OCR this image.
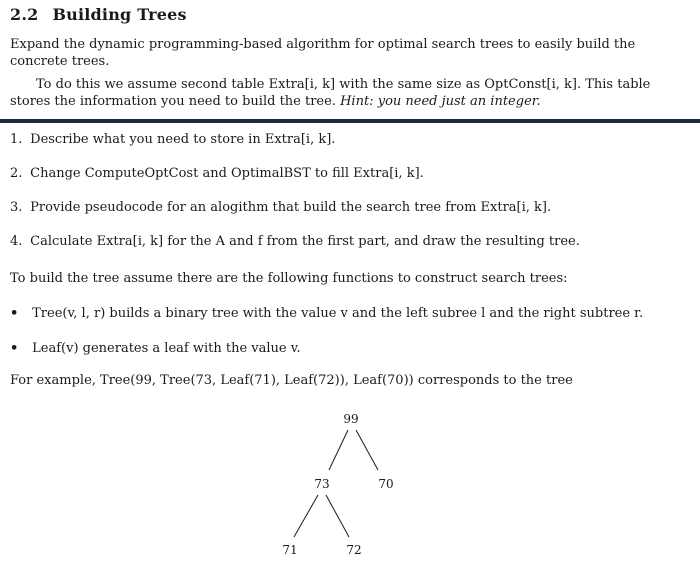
2.2 Building Trees
Expand the dynamic programming-based algorithm for optimal search trees to easily build the concrete trees.
To do this we assume second table Extra[i, k] with the same size as OptConst[i, k]. This table stores the information you need to build the tree. Hint: you need just an integer.
1. Describe what you need to store in Extra[i, k].
2. Change ComputeOptCost and OptimalBST to fill Extra[i, k].
3. Provide pseudocode for an alogithm that build the search tree from Extra[i, k].
4. Calculate Extra[i, k] for the A and f from the first part, and draw the resulting tree.
To build the tree assume there are the following functions to construct search trees:
• Tree(v, l, r) builds a binary tree with the value v and the left subree l and the right subtree r.
• Leaf(v) generates a leaf with the value v.
For example, Tree(99, Tree(73, Leaf(71), Leaf(72)), Leaf(70)) corresponds to the tree
99
73	70
71	72
